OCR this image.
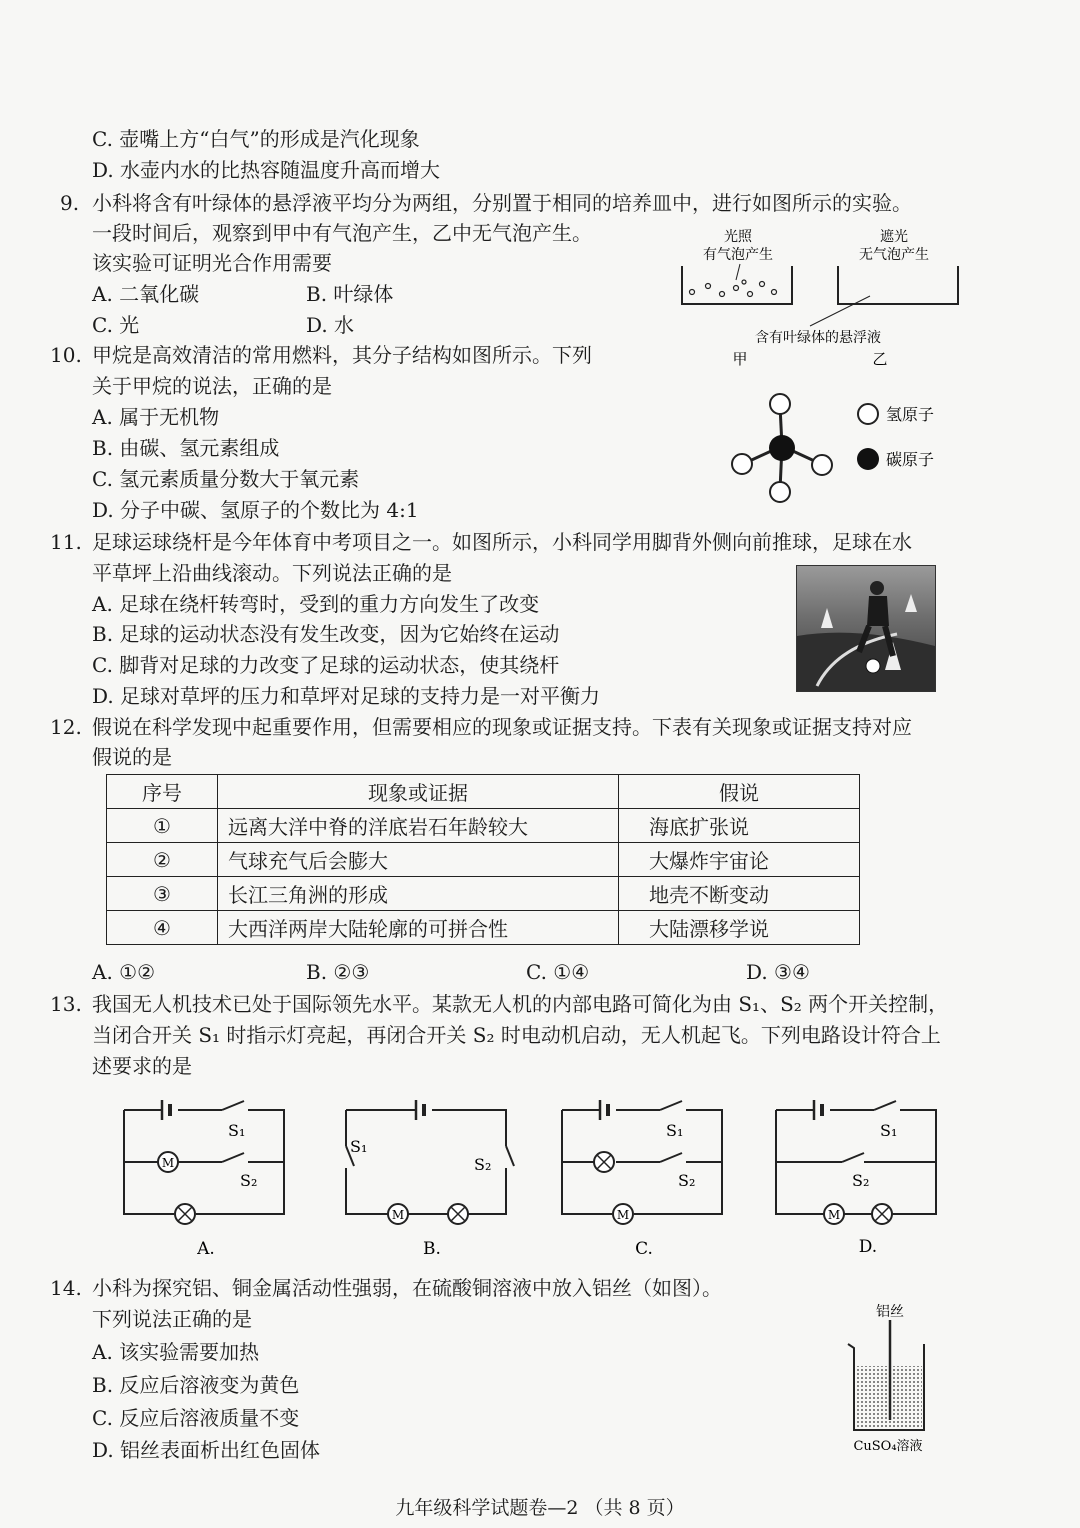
C. 壶嘴上方“白气”的形成是汽化现象
D. 水壶内水的比热容随温度升高而增大
9. 小科将含有叶绿体的悬浮液平均分为两组，分别置于相同的培养皿中，进行如图所示的实验。
一段时间后，观察到甲中有气泡产生，乙中无气泡产生。
该实验可证明光合作用需要
A. 二氧化碳	B. 叶绿体
C. 光	D. 水
光照
有气泡产生
遮光
无气泡产生
含有叶绿体的悬浮液
甲	乙
10. 甲烷是高效清洁的常用燃料，其分子结构如图所示。下列
关于甲烷的说法，正确的是
A. 属于无机物
B. 由碳、氢元素组成
C. 氢元素质量分数大于氧元素
D. 分子中碳、氢原子的个数比为 4:1
氢原子
碳原子
11. 足球运球绕杆是今年体育中考项目之一。如图所示，小科同学用脚背外侧向前推球，足球在水
平草坪上沿曲线滚动。下列说法正确的是
A. 足球在绕杆转弯时，受到的重力方向发生了改变
B. 足球的运动状态没有发生改变，因为它始终在运动
C. 脚背对足球的力改变了足球的运动状态，使其绕杆
D. 足球对草坪的压力和草坪对足球的支持力是一对平衡力
12. 假说在科学发现中起重要作用，但需要相应的现象或证据支持。下表有关现象或证据支持对应
假说的是
序号	现象或证据	假说
①	远离大洋中脊的洋底岩石年龄较大	海底扩张说
②	气球充气后会膨大	大爆炸宇宙论
③	长江三角洲的形成	地壳不断变动
④	大西洋两岸大陆轮廓的可拼合性	大陆漂移学说
A. ①②	B. ②③	C. ①④	D. ③④
13. 我国无人机技术已处于国际领先水平。某款无人机的内部电路可简化为由 S₁、S₂ 两个开关控制，
当闭合开关 S₁ 时指示灯亮起，再闭合开关 S₂ 时电动机启动，无人机起飞。下列电路设计符合上
述要求的是
S₁
M
S₂
A.
S₁
S₂
M
B.
S₁
S₂
M
C.
S₁
S₂
M
D.
14. 小科为探究铝、铜金属活动性强弱，在硫酸铜溶液中放入铝丝（如图）。
下列说法正确的是
A. 该实验需要加热
B. 反应后溶液变为黄色
C. 反应后溶液质量不变
D. 铝丝表面析出红色固体
铝丝
CuSO₄溶液
九年级科学试题卷—2 （共 8 页）
